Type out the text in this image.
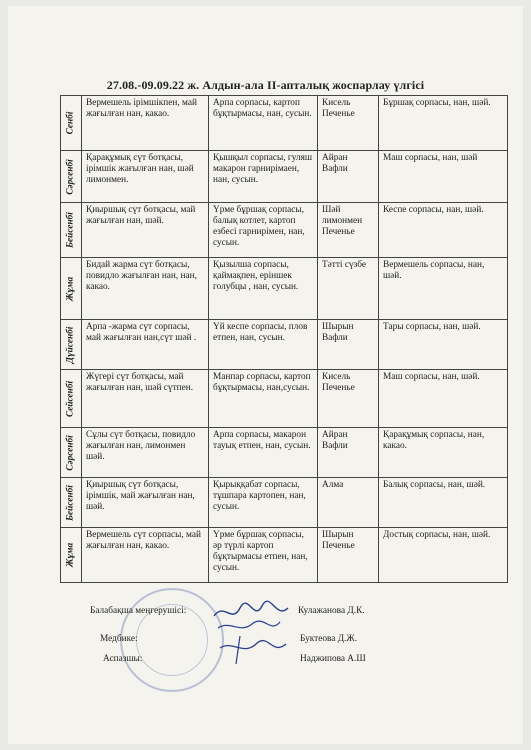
27.08.-09.09.22 ж. Алдын-ала II-апталық жоспарлау үлгісі
Сенбі	Вермешель ірімшікпен, май жағылған нан, какао.	Арпа сорпасы, картоп бұқтырмасы, нан, сусын.	Кисель Печенье	Бұршақ сорпасы, нан, шәй.

Сәрсенбі	Қарақұмық сүт ботқасы, ірімшік жағылған нан, шәй лимонмен.	Қышқыл сорпасы, гуляш макарон гарнирімаен, нан, сусын.	Айран Вафли	Маш сорпасы, нан, шәй

Бейсенбі	Қиыршық сүт ботқасы, май жағылған нан, шәй.	Үрме бұршақ сорпасы, балық котлет, картоп езбесі гарнирімен, нан, сусын.	Шәй лимонмен Печенье	Кеспе сорпасы, нан, шәй.

Жұма	Бидай жарма сүт ботқасы, повидло жағылған нан, нан, какао.	Қызылша сорпасы, қаймақпен, еріншек голубцы , нан, сусын.	Тәтті сүзбе	Вермешель сорпасы, нан, шәй.

Дүйсенбі	Арпа -жарма сүт сорпасы, май жағылған нан,сүт шәй .	Үй кеспе сорпасы, плов етпен, нан, сусын.	Шырын Вафли	Тары сорпасы, нан, шәй.

Сейсенбі	Жүгері сүт ботқасы, май жағылған нан, шәй сүтпен.	Манпар сорпасы, картоп бұқтырмасы, нан,сусын.	Кисель Печенье	Маш сорпасы, нан, шәй.

Сәрсенбі	Сұлы сүт ботқасы, повидло жағылған нан, лимонмен шәй.	Арпа сорпасы, макарон тауық етпен, нан, сусын.	Айран Вафли	Қарақұмық сорпасы, нан, какао.

Бейсенбі	Қиыршық сүт ботқасы, ірімшік, май жағылған нан, шәй.	Қырыққабат сорпасы, тұшпара картопен, нан, сусын.	Алма	Балық сорпасы, нан, шәй.

Жұма	Вермешель сүт сорпасы, май жағылған нан, какао.	Үрме бұршақ сорпасы, әр түрлі картоп бұқтырмасы етпен, нан, сусын.	Шырын Печенье	Достық сорпасы, нан, шәй.
Балабақша меңгерушісі:	Кулажанова Д.К.
Медбике:	Буктеова Д.Ж.
Аспазшы:	Наджипова А.Ш
